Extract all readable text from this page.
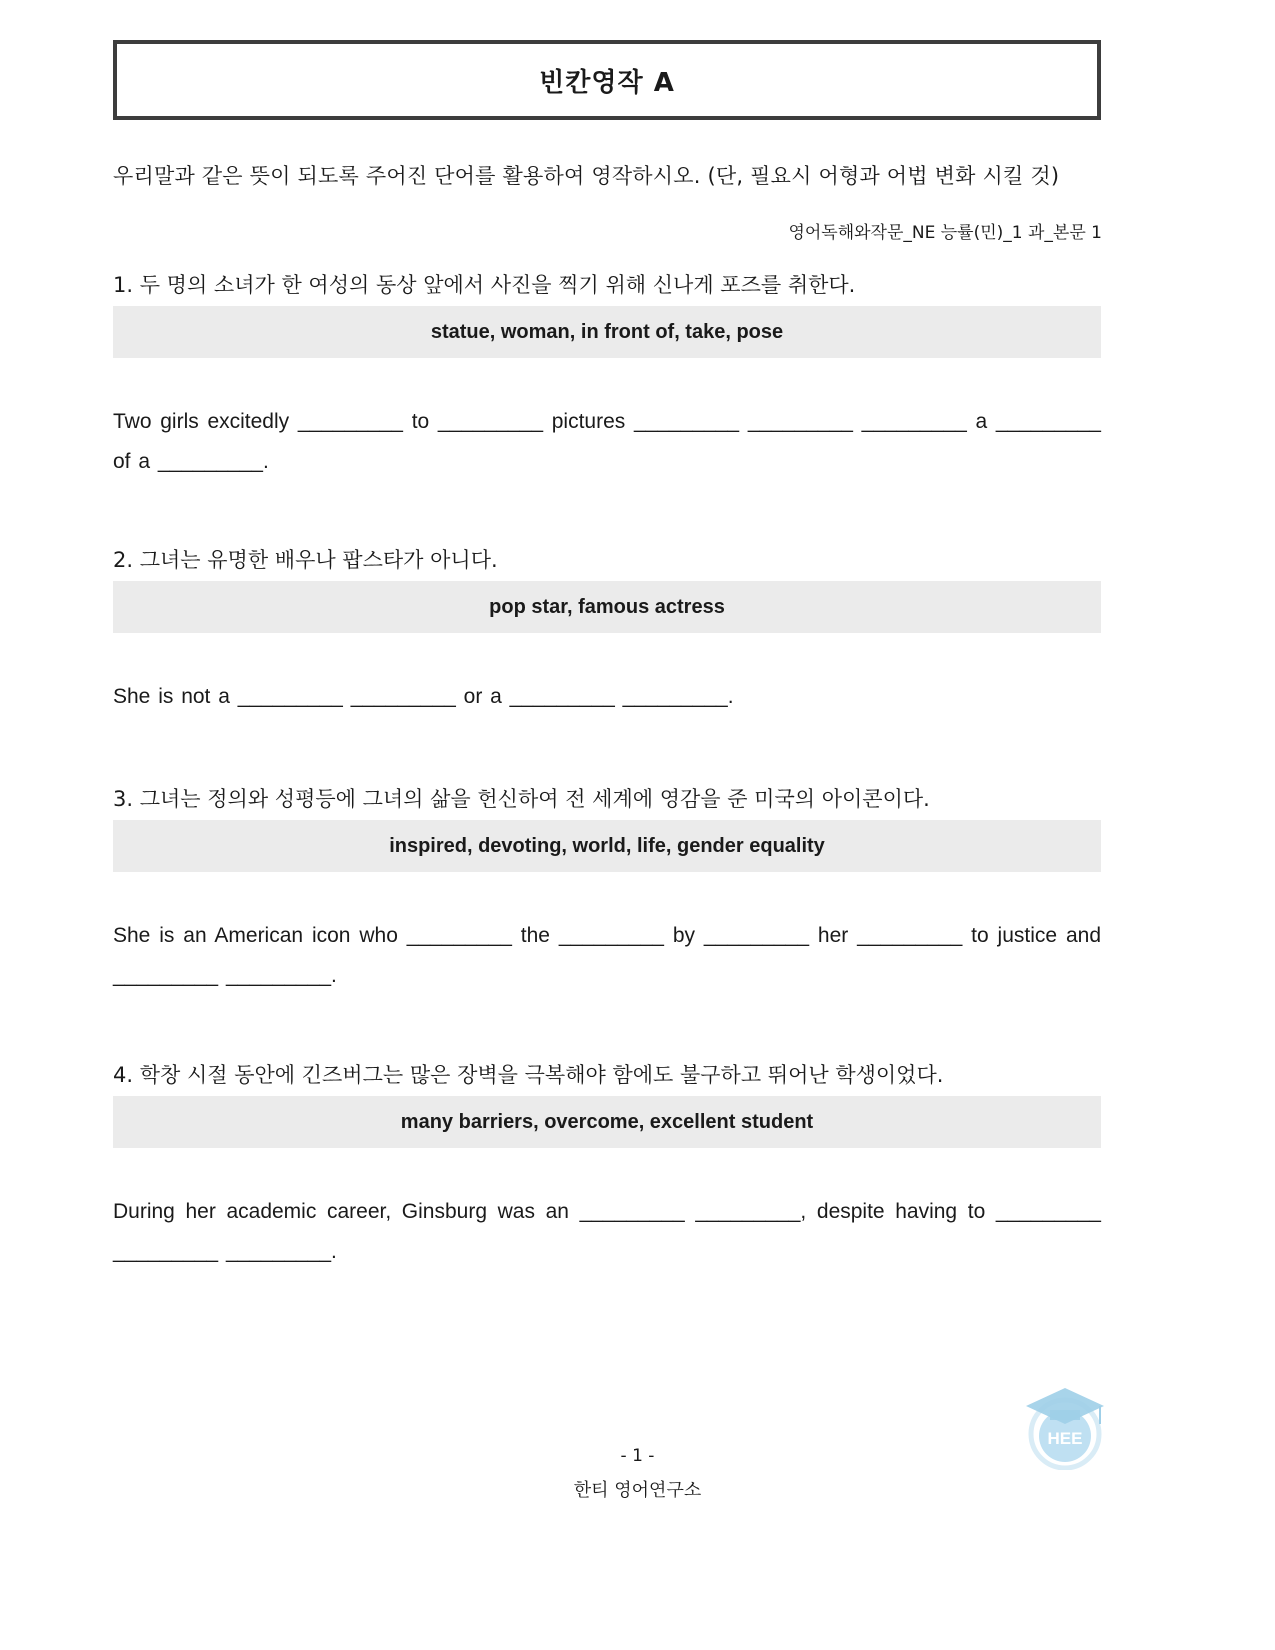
빈칸영작 A
우리말과 같은 뜻이 되도록 주어진 단어를 활용하여 영작하시오. (단, 필요시 어형과 어법 변화 시킬 것)
영어독해와작문_NE 능률(민)_1 과_본문 1
1. 두 명의 소녀가 한 여성의 동상 앞에서 사진을 찍기 위해 신나게 포즈를 취한다.
statue, woman, in front of, take, pose
Two girls excitedly _________ to _________ pictures _________ _________ _________ a _________ of a _________.
2. 그녀는 유명한 배우나 팝스타가 아니다.
pop star, famous actress
She is not a _________ _________ or a _________ _________.
3. 그녀는 정의와 성평등에 그녀의 삶을 헌신하여 전 세계에 영감을 준 미국의 아이콘이다.
inspired, devoting, world, life, gender equality
She is an American icon who _________ the _________ by _________ her _________ to justice and _________ _________.
4. 학창 시절 동안에 긴즈버그는 많은 장벽을 극복해야 함에도 불구하고 뛰어난 학생이었다.
many barriers, overcome, excellent student
During her academic career, Ginsburg was an _________ _________, despite having to _________ _________ _________.
HEE
- 1 -
한티 영어연구소
